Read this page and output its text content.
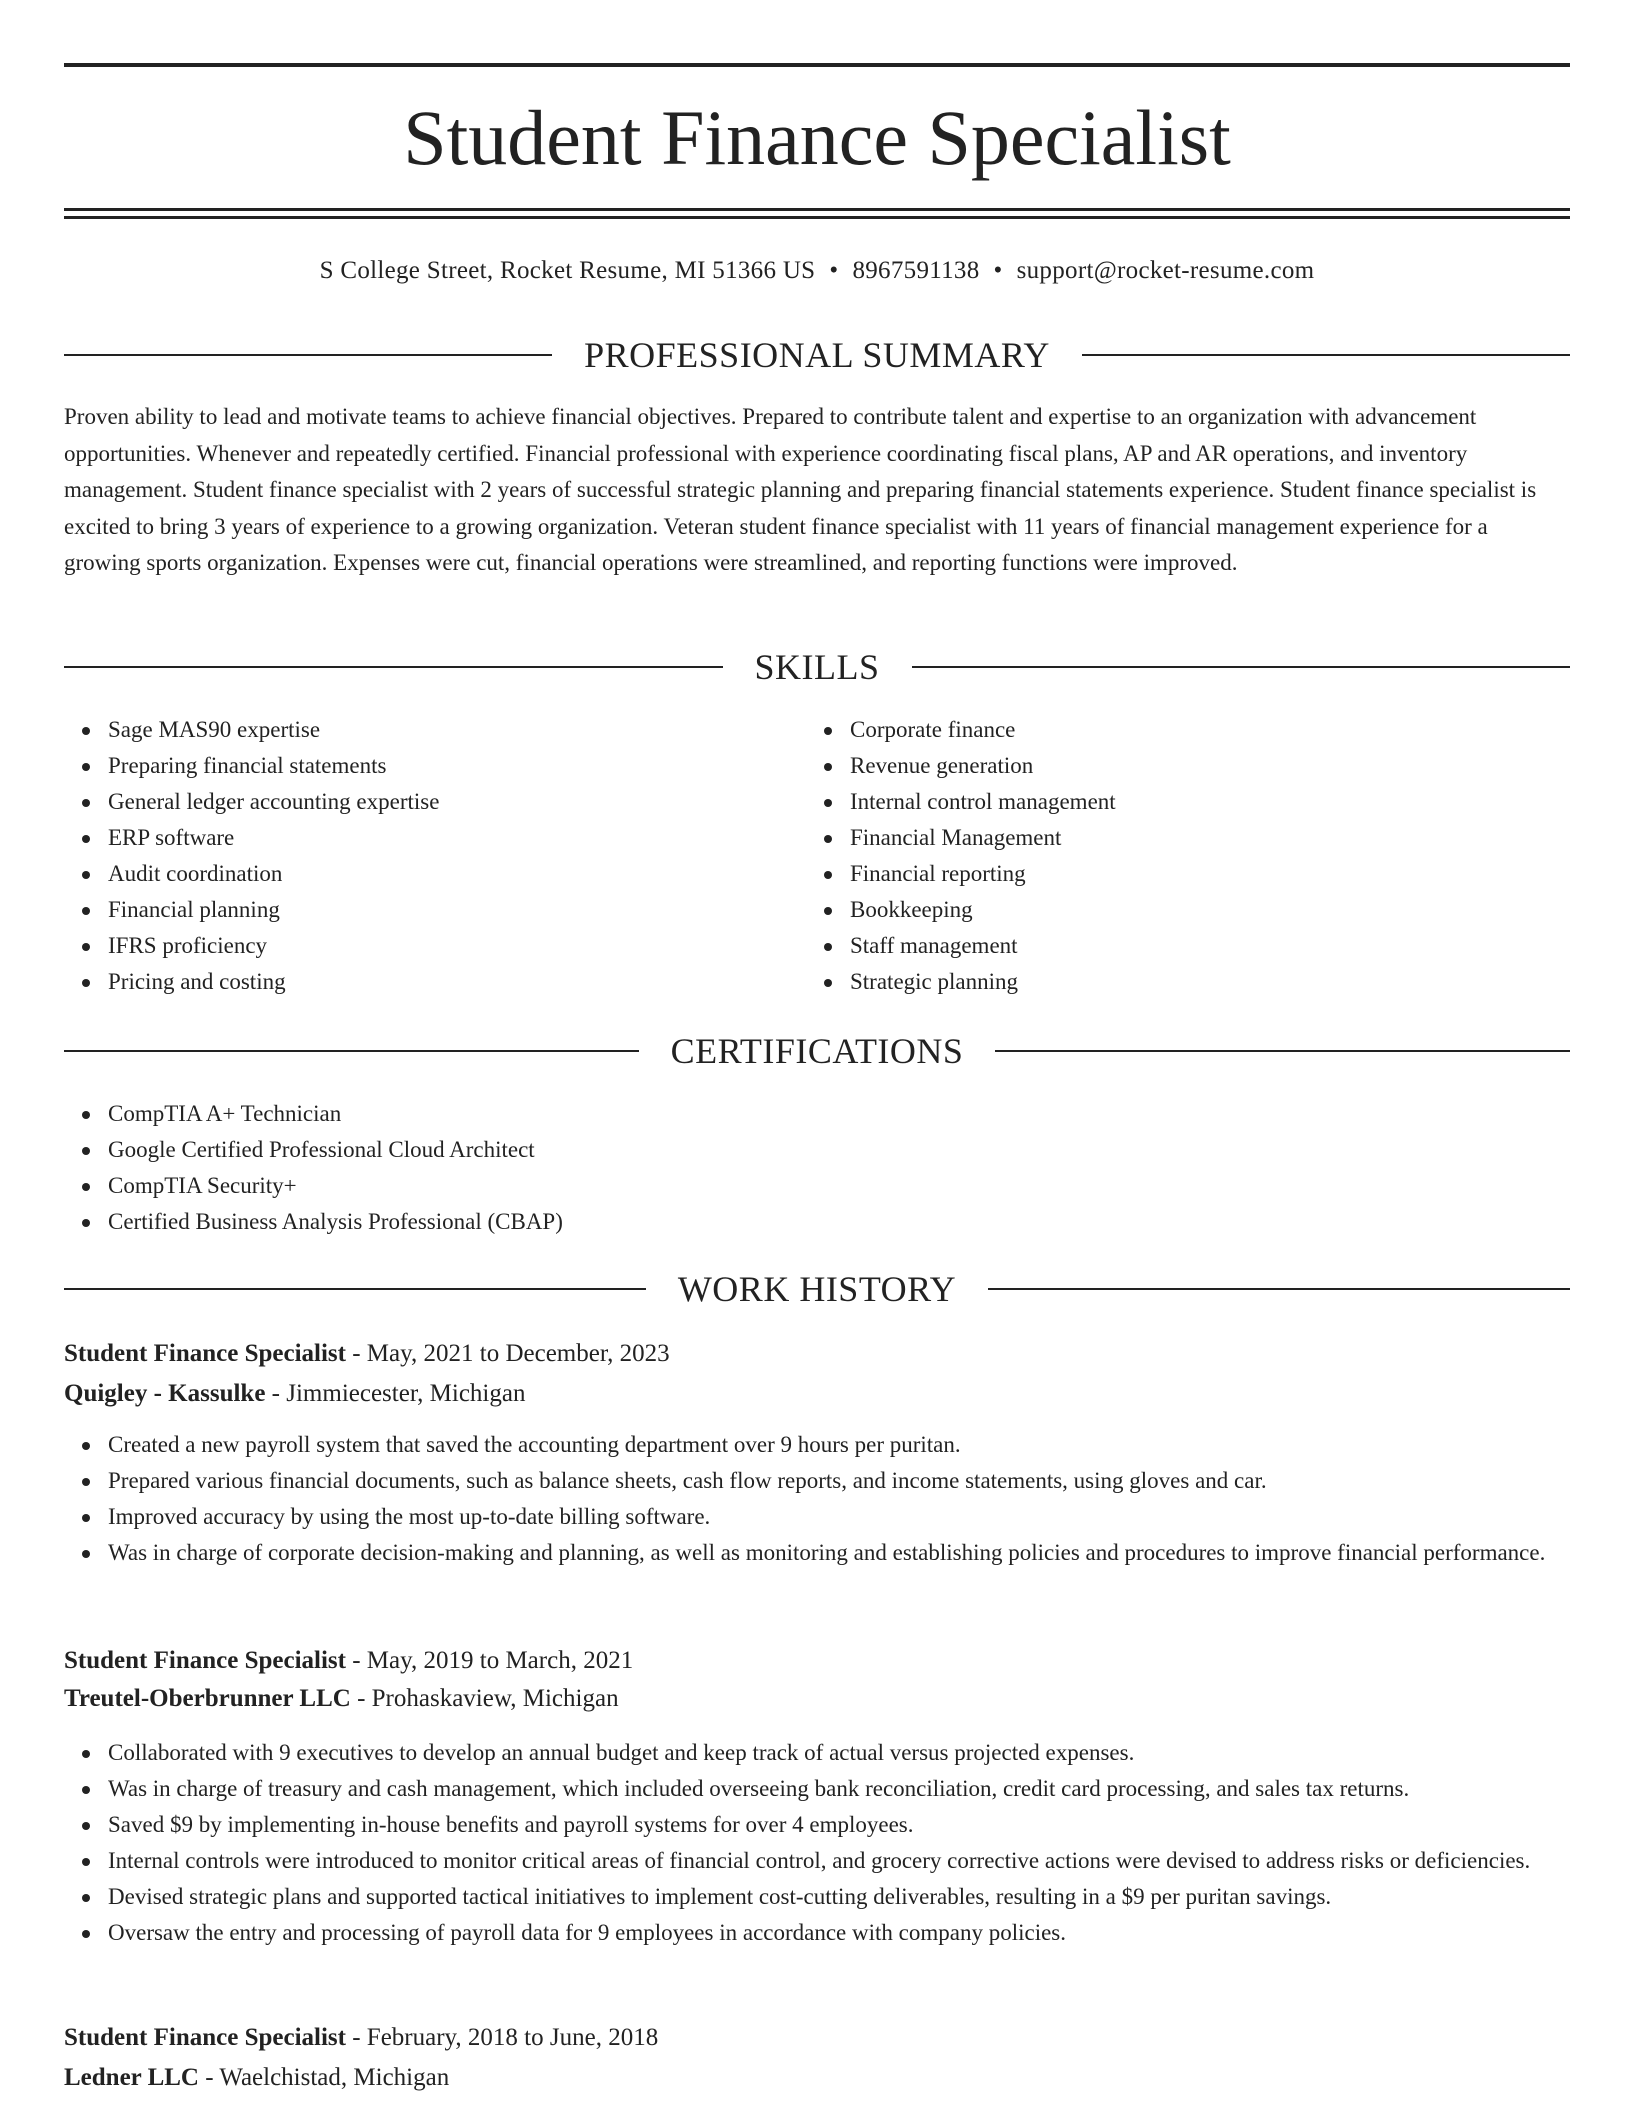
Student Finance Specialist
S College Street, Rocket Resume, MI 51366 US • 8967591138 • support@rocket-resume.com
PROFESSIONAL SUMMARY

Proven ability to lead and motivate teams to achieve financial objectives. Prepared to contribute talent and expertise to an organization with advancement opportunities. Whenever and repeatedly certified. Financial professional with experience coordinating fiscal plans, AP and AR operations, and inventory management. Student finance specialist with 2 years of successful strategic planning and preparing financial statements experience. Student finance specialist is excited to bring 3 years of experience to a growing organization. Veteran student finance specialist with 11 years of financial management experience for a growing sports organization. Expenses were cut, financial operations were streamlined, and reporting functions were improved.

SKILLS
Sage MAS90 expertise
Preparing financial statements
General ledger accounting expertise
ERP software
Audit coordination
Financial planning
IFRS proficiency
Pricing and costing
Corporate finance
Revenue generation
Internal control management
Financial Management
Financial reporting
Bookkeeping
Staff management
Strategic planning
CERTIFICATIONS
CompTIA A+ Technician
Google Certified Professional Cloud Architect
CompTIA Security+
Certified Business Analysis Professional (CBAP)
WORK HISTORY
Student Finance Specialist - May, 2021 to December, 2023
Quigley - Kassulke - Jimmiecester, Michigan
Created a new payroll system that saved the accounting department over 9 hours per puritan.
Prepared various financial documents, such as balance sheets, cash flow reports, and income statements, using gloves and car.
Improved accuracy by using the most up-to-date billing software.
Was in charge of corporate decision-making and planning, as well as monitoring and establishing policies and procedures to improve financial performance.
Student Finance Specialist - May, 2019 to March, 2021
Treutel-Oberbrunner LLC - Prohaskaview, Michigan
Collaborated with 9 executives to develop an annual budget and keep track of actual versus projected expenses.
Was in charge of treasury and cash management, which included overseeing bank reconciliation, credit card processing, and sales tax returns.
Saved $9 by implementing in-house benefits and payroll systems for over 4 employees.
Internal controls were introduced to monitor critical areas of financial control, and grocery corrective actions were devised to address risks or deficiencies.
Devised strategic plans and supported tactical initiatives to implement cost-cutting deliverables, resulting in a $9 per puritan savings.
Oversaw the entry and processing of payroll data for 9 employees in accordance with company policies.
Student Finance Specialist - February, 2018 to June, 2018
Ledner LLC - Waelchistad, Michigan
